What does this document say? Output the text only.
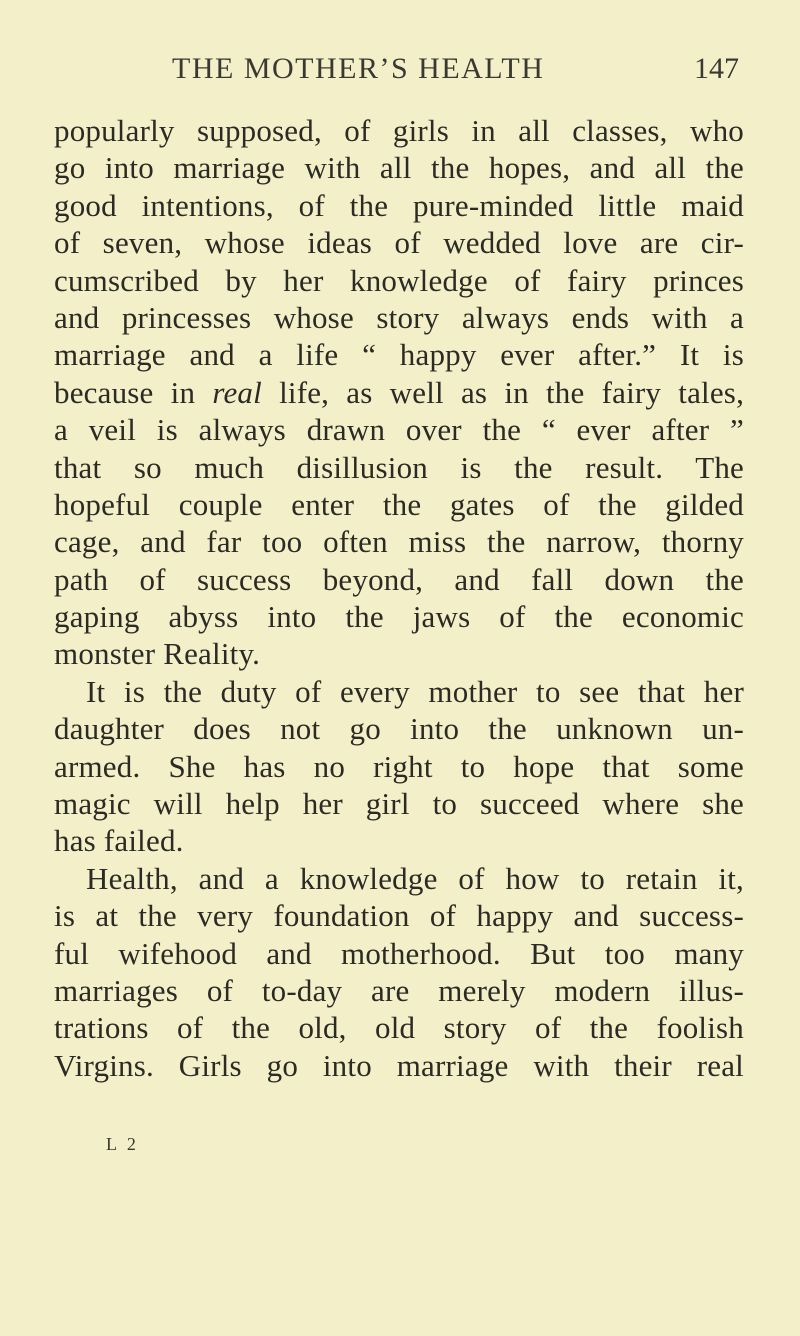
THE MOTHER’S HEALTH	147
popularly supposed, of girls in all classes, who
go into marriage with all the hopes, and all the
good intentions, of the pure-minded little maid
of seven, whose ideas of wedded love are cir-
cumscribed by her knowledge of fairy princes
and princesses whose story always ends with a
marriage and a life “ happy ever after.” It is
because in real life, as well as in the fairy tales,
a veil is always drawn over the “ ever after ”
that so much disillusion is the result. The
hopeful couple enter the gates of the gilded
cage, and far too often miss the narrow, thorny
path of success beyond, and fall down the
gaping abyss into the jaws of the economic
monster Reality.
It is the duty of every mother to see that her
daughter does not go into the unknown un-
armed. She has no right to hope that some
magic will help her girl to succeed where she
has failed.
Health, and a knowledge of how to retain it,
is at the very foundation of happy and success-
ful wifehood and motherhood. But too many
marriages of to-day are merely modern illus-
trations of the old, old story of the foolish
Virgins. Girls go into marriage with their real
L 2
